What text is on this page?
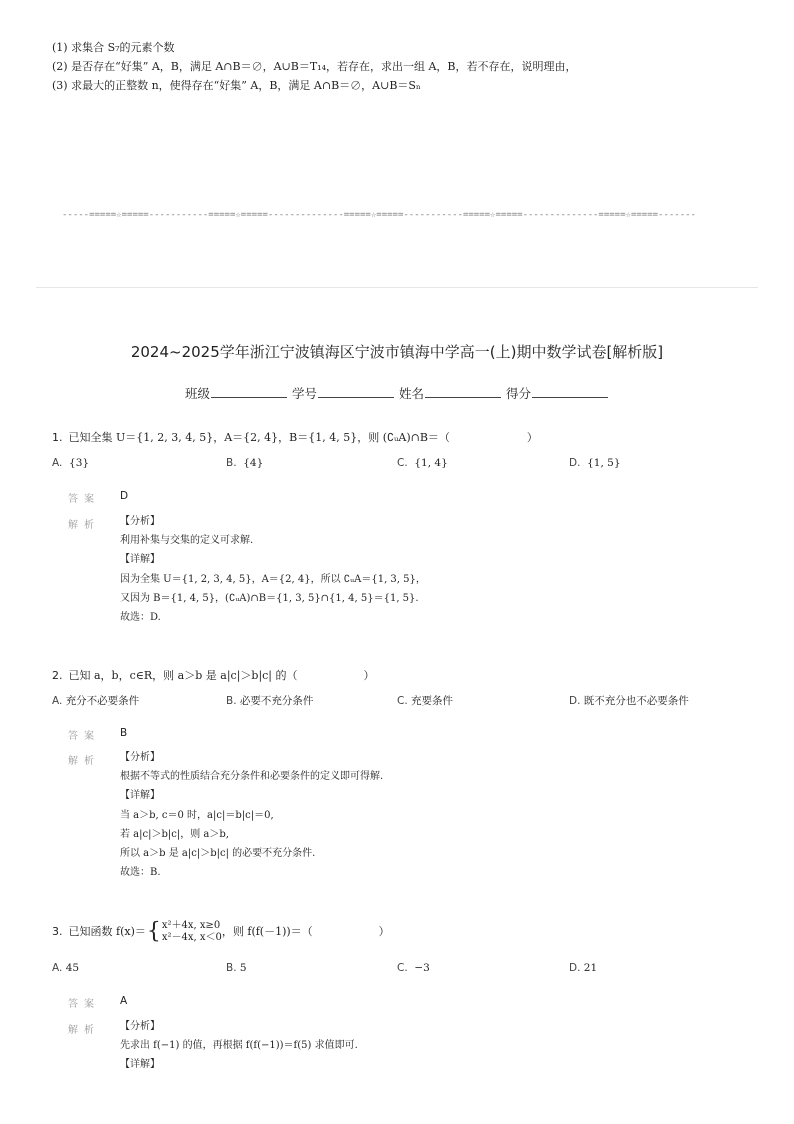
(1) 求集合 S₇的元素个数
(2) 是否存在“好集” A，B，满足 A∩B＝∅，A∪B＝T₁₄，若存在，求出一组 A，B，若不存在，说明理由，
(3) 求最大的正整数 n，使得存在“好集” A，B，满足 A∩B＝∅，A∪B＝Sₙ
-----=====☆=====-----------=====☆=====--------------=====☆=====-----------=====☆=====--------------=====☆=====-------
2024~2025学年浙江宁波镇海区宁波市镇海中学高一(上)期中数学试卷[解析版]
班级	学号	姓名	得分
1. 已知全集 U＝{1, 2, 3, 4, 5}，A＝{2, 4}，B＝{1, 4, 5}，则 (∁ᵤA)∩B＝（　　　　　　　）
A. {3}	B. {4}	C. {1, 4}	D. {1, 5}
答案 D
解析 【分析】
利用补集与交集的定义可求解.
【详解】
因为全集 U＝{1, 2, 3, 4, 5}，A＝{2, 4}，所以 ∁ᵤA＝{1, 3, 5}，
又因为 B＝{1, 4, 5}，(∁ᵤA)∩B＝{1, 3, 5}∩{1, 4, 5}＝{1, 5}.
故选：D.
2. 已知 a，b，c∈R，则 a＞b 是 a|c|＞b|c| 的（　　　　　　）
A. 充分不必要条件	B. 必要不充分条件	C. 充要条件	D. 既不充分也不必要条件
答案 B
解析 【分析】
根据不等式的性质结合充分条件和必要条件的定义即可得解.
【详解】
当 a＞b, c＝0 时，a|c|＝b|c|＝0,
若 a|c|＞b|c|，则 a＞b,
所以 a＞b 是 a|c|＞b|c| 的必要不充分条件.
故选：B.
3. 已知函数 f(x)＝{ x²＋4x, x≥0
x²－4x, x＜0 ，则 f(f(－1))＝（　　　　　　）
A. 45	B. 5	C. −3	D. 21
答案 A
解析 【分析】
先求出 f(−1) 的值，再根据 f(f(−1))＝f(5) 求值即可.
【详解】
